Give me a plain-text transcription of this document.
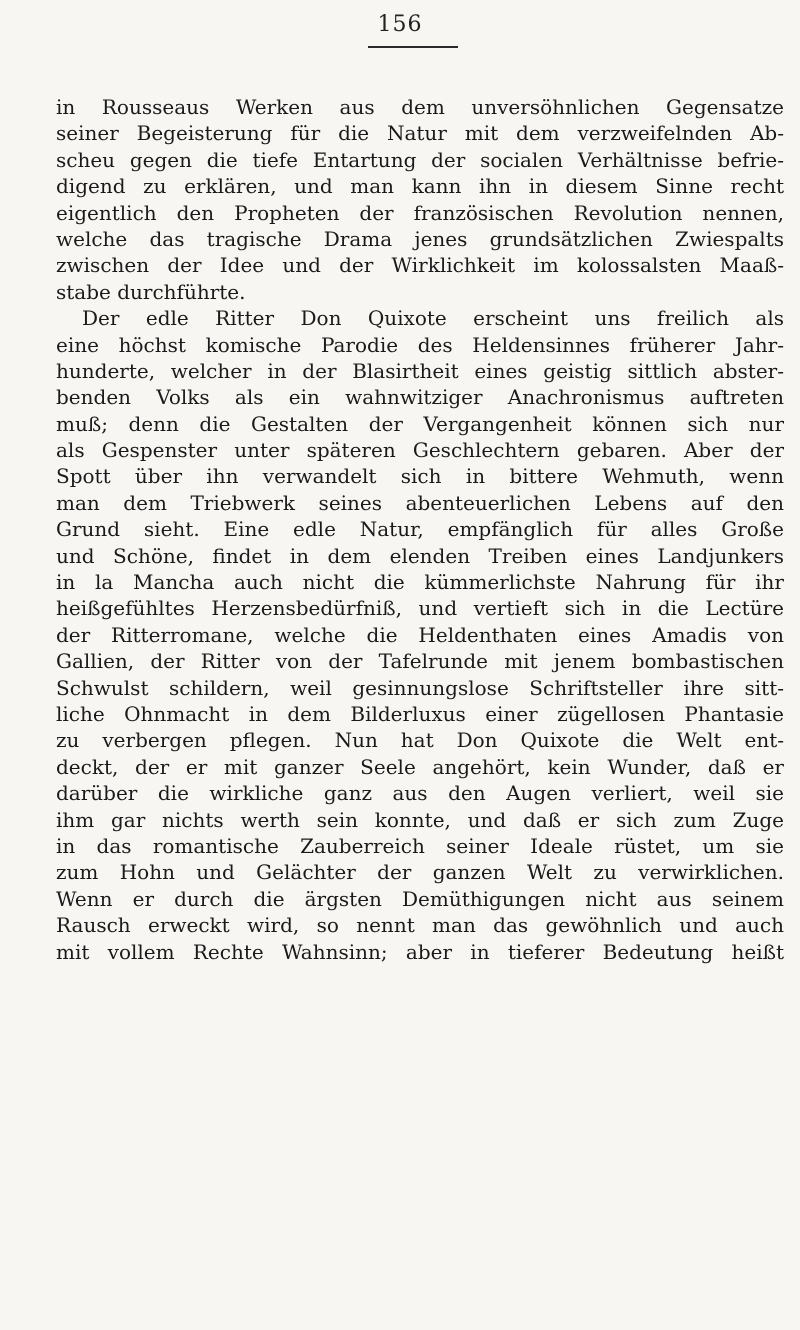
156
in Rousseaus Werken aus dem unversöhnlichen Gegensatze
seiner Begeisterung für die Natur mit dem verzweifelnden Ab-
scheu gegen die tiefe Entartung der socialen Verhältnisse befrie-
digend zu erklären, und man kann ihn in diesem Sinne recht
eigentlich den Propheten der französischen Revolution nennen,
welche das tragische Drama jenes grundsätzlichen Zwiespalts
zwischen der Idee und der Wirklichkeit im kolossalsten Maaß-
stabe durchführte.
Der edle Ritter Don Quixote erscheint uns freilich als
eine höchst komische Parodie des Heldensinnes früherer Jahr-
hunderte, welcher in der Blasirtheit eines geistig sittlich abster-
benden Volks als ein wahnwitziger Anachronismus auftreten
muß; denn die Gestalten der Vergangenheit können sich nur
als Gespenster unter späteren Geschlechtern gebaren. Aber der
Spott über ihn verwandelt sich in bittere Wehmuth, wenn
man dem Triebwerk seines abenteuerlichen Lebens auf den
Grund sieht. Eine edle Natur, empfänglich für alles Große
und Schöne, findet in dem elenden Treiben eines Landjunkers
in la Mancha auch nicht die kümmerlichste Nahrung für ihr
heißgefühltes Herzensbedürfniß, und vertieft sich in die Lectüre
der Ritterromane, welche die Heldenthaten eines Amadis von
Gallien, der Ritter von der Tafelrunde mit jenem bombastischen
Schwulst schildern, weil gesinnungslose Schriftsteller ihre sitt-
liche Ohnmacht in dem Bilderluxus einer zügellosen Phantasie
zu verbergen pflegen. Nun hat Don Quixote die Welt ent-
deckt, der er mit ganzer Seele angehört, kein Wunder, daß er
darüber die wirkliche ganz aus den Augen verliert, weil sie
ihm gar nichts werth sein konnte, und daß er sich zum Zuge
in das romantische Zauberreich seiner Ideale rüstet, um sie
zum Hohn und Gelächter der ganzen Welt zu verwirklichen.
Wenn er durch die ärgsten Demüthigungen nicht aus seinem
Rausch erweckt wird, so nennt man das gewöhnlich und auch
mit vollem Rechte Wahnsinn; aber in tieferer Bedeutung heißt
